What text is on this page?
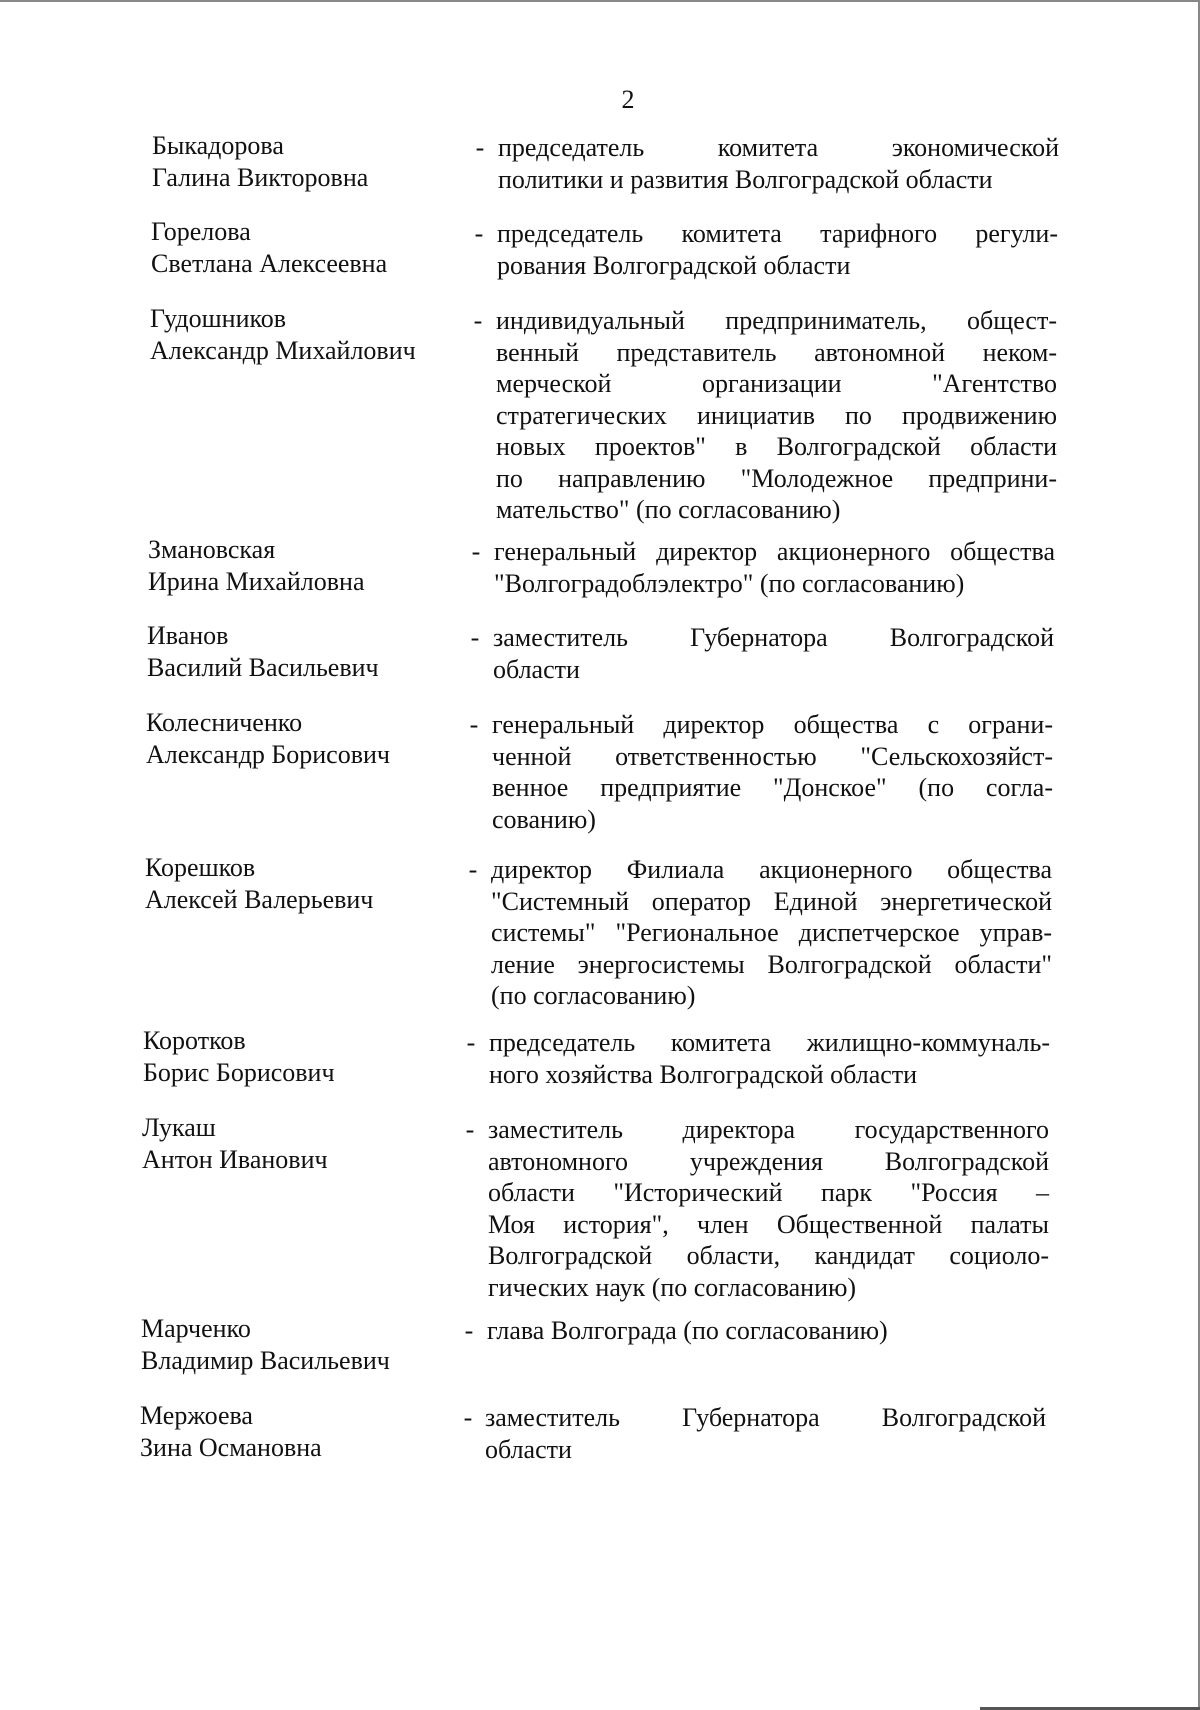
2
Быкадорова
Галина Викторовна
- председатель комитета экономической
политики и развития Волгоградской области
Горелова
Светлана Алексеевна
- председатель комитета тарифного регули-
рования Волгоградской области
Гудошников
Александр Михайлович
- индивидуальный предприниматель, общест-
венный представитель автономной неком-
мерческой организации "Агентство
стратегических инициатив по продвижению
новых проектов" в Волгоградской области
по направлению "Молодежное предприни-
мательство" (по согласованию)
Змановская
Ирина Михайловна
- генеральный директор акционерного общества
"Волгоградоблэлектро" (по согласованию)
Иванов
Василий Васильевич
- заместитель Губернатора Волгоградской
области
Колесниченко
Александр Борисович
- генеральный директор общества с ограни-
ченной ответственностью "Сельскохозяйст-
венное предприятие "Донское" (по согла-
сованию)
Корешков
Алексей Валерьевич
- директор Филиала акционерного общества
"Системный оператор Единой энергетической
системы" "Региональное диспетчерское управ-
ление энергосистемы Волгоградской области"
(по согласованию)
Коротков
Борис Борисович
- председатель комитета жилищно-коммуналь-
ного хозяйства Волгоградской области
Лукаш
Антон Иванович
- заместитель директора государственного
автономного учреждения Волгоградской
области "Исторический парк "Россия –
Моя история", член Общественной палаты
Волгоградской области, кандидат социоло-
гических наук (по согласованию)
Марченко
Владимир Васильевич
- глава Волгограда (по согласованию)
Мержоева
Зина Османовна
- заместитель Губернатора Волгоградской
области
